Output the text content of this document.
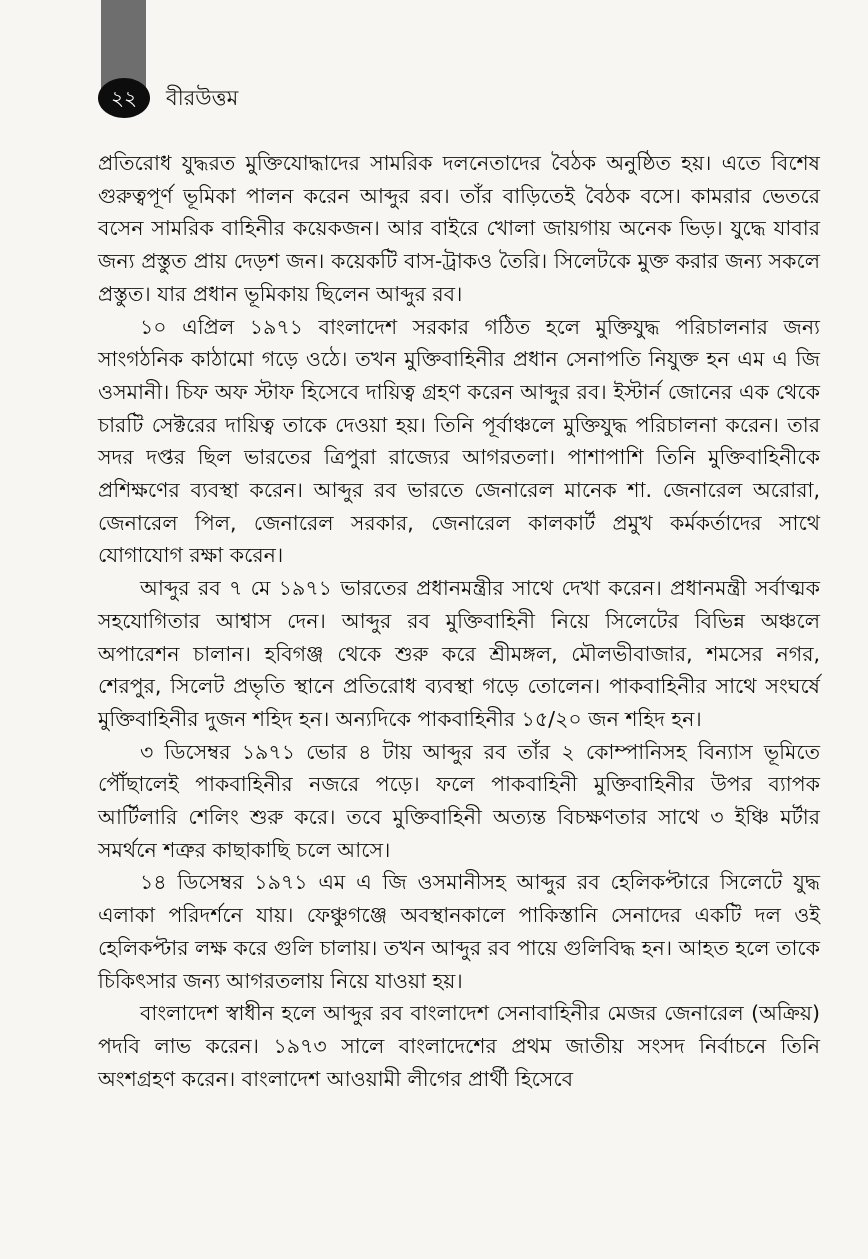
২২	বীরউত্তম

প্রতিরোধ যুদ্ধরত মুক্তিযোদ্ধাদের সামরিক দলনেতাদের বৈঠক অনুষ্ঠিত হয়। এতে বিশেষ গুরুত্বপূর্ণ ভূমিকা পালন করেন আব্দুর রব। তাঁর বাড়িতেই বৈঠক বসে। কামরার ভেতরে বসেন সামরিক বাহিনীর কয়েকজন। আর বাইরে খোলা জায়গায় অনেক ভিড়। যুদ্ধে যাবার জন্য প্রস্তুত প্রায় দেড়শ জন। কয়েকটি বাস-ট্রাকও তৈরি। সিলেটকে মুক্ত করার জন্য সকলে প্রস্তুত। যার প্রধান ভূমিকায় ছিলেন আব্দুর রব।

১০ এপ্রিল ১৯৭১ বাংলাদেশ সরকার গঠিত হলে মুক্তিযুদ্ধ পরিচালনার জন্য সাংগঠনিক কাঠামো গড়ে ওঠে। তখন মুক্তিবাহিনীর প্রধান সেনাপতি নিযুক্ত হন এম এ জি ওসমানী। চিফ অফ স্টাফ হিসেবে দায়িত্ব গ্রহণ করেন আব্দুর রব। ইস্টার্ন জোনের এক থেকে চারটি সেক্টরের দায়িত্ব তাকে দেওয়া হয়। তিনি পূর্বাঞ্চলে মুক্তিযুদ্ধ পরিচালনা করেন। তার সদর দপ্তর ছিল ভারতের ত্রিপুরা রাজ্যের আগরতলা। পাশাপাশি তিনি মুক্তিবাহিনীকে প্রশিক্ষণের ব্যবস্থা করেন। আব্দুর রব ভারতে জেনারেল মানেক শা. জেনারেল অরোরা, জেনারেল পিল, জেনারেল সরকার, জেনারেল কালকার্ট প্রমুখ কর্মকর্তাদের সাথে যোগাযোগ রক্ষা করেন।

আব্দুর রব ৭ মে ১৯৭১ ভারতের প্রধানমন্ত্রীর সাথে দেখা করেন। প্রধানমন্ত্রী সর্বাত্মক সহযোগিতার আশ্বাস দেন। আব্দুর রব মুক্তিবাহিনী নিয়ে সিলেটের বিভিন্ন অঞ্চলে অপারেশন চালান। হবিগঞ্জ থেকে শুরু করে শ্রীমঙ্গল, মৌলভীবাজার, শমসের নগর, শেরপুর, সিলেট প্রভৃতি স্থানে প্রতিরোধ ব্যবস্থা গড়ে তোলেন। পাকবাহিনীর সাথে সংঘর্ষে মুক্তিবাহিনীর দুজন শহিদ হন। অন্যদিকে পাকবাহিনীর ১৫/২০ জন শহিদ হন।

৩ ডিসেম্বর ১৯৭১ ভোর ৪ টায় আব্দুর রব তাঁর ২ কোম্পানিসহ বিন্যাস ভূমিতে পৌঁছালেই পাকবাহিনীর নজরে পড়ে। ফলে পাকবাহিনী মুক্তিবাহিনীর উপর ব্যাপক আর্টিলারি শেলিং শুরু করে। তবে মুক্তিবাহিনী অত্যন্ত বিচক্ষণতার সাথে ৩ ইঞ্চি মর্টার সমর্থনে শত্রুর কাছাকাছি চলে আসে।

১৪ ডিসেম্বর ১৯৭১ এম এ জি ওসমানীসহ আব্দুর রব হেলিকপ্টারে সিলেটে যুদ্ধ এলাকা পরিদর্শনে যায়। ফেঞ্চুগঞ্জে অবস্থানকালে পাকিস্তানি সেনাদের একটি দল ওই হেলিকপ্টার লক্ষ করে গুলি চালায়। তখন আব্দুর রব পায়ে গুলিবিদ্ধ হন। আহত হলে তাকে চিকিৎসার জন্য আগরতলায় নিয়ে যাওয়া হয়।

বাংলাদেশ স্বাধীন হলে আব্দুর রব বাংলাদেশ সেনাবাহিনীর মেজর জেনারেল (অক্রিয়) পদবি লাভ করেন। ১৯৭৩ সালে বাংলাদেশের প্রথম জাতীয় সংসদ নির্বাচনে তিনি অংশগ্রহণ করেন। বাংলাদেশ আওয়ামী লীগের প্রার্থী হিসেবে
